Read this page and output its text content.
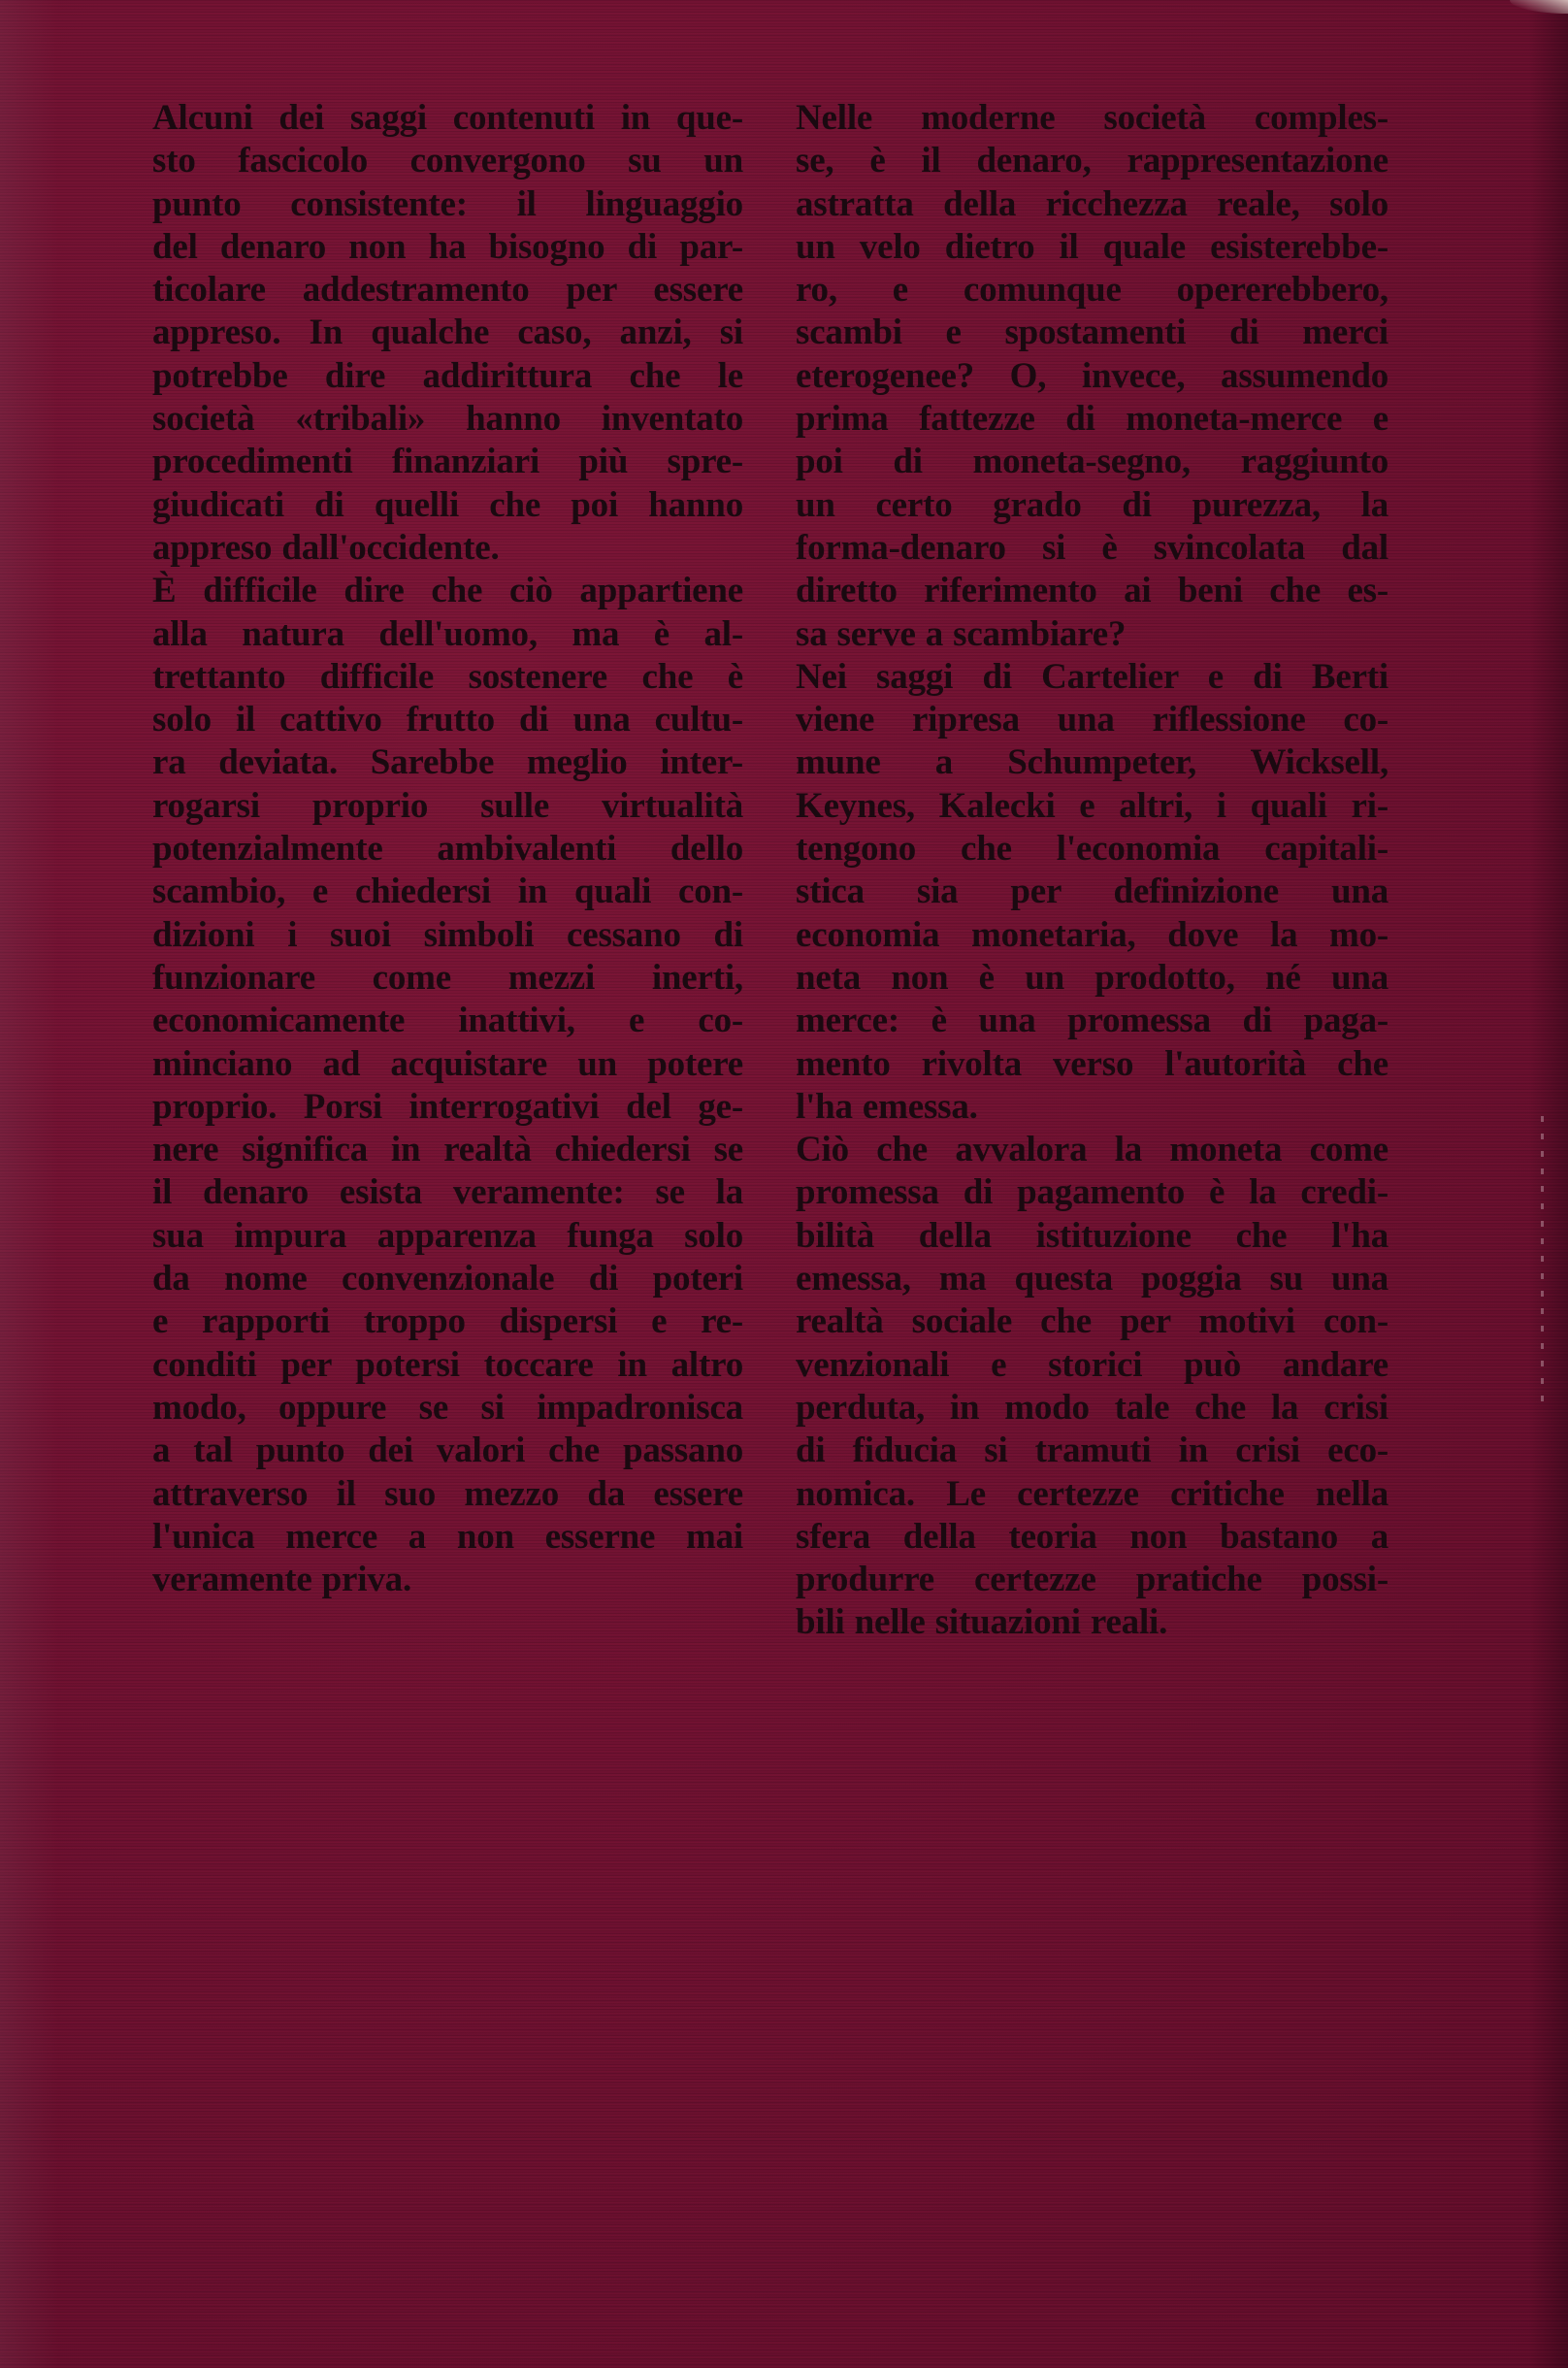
Alcuni dei saggi contenuti in que-
sto fascicolo convergono su un
punto consistente: il linguaggio
del denaro non ha bisogno di par-
ticolare addestramento per essere
appreso. In qualche caso, anzi, si
potrebbe dire addirittura che le
società «tribali» hanno inventato
procedimenti finanziari più spre-
giudicati di quelli che poi hanno
appreso dall'occidente.
È difficile dire che ciò appartiene
alla natura dell'uomo, ma è al-
trettanto difficile sostenere che è
solo il cattivo frutto di una cultu-
ra deviata. Sarebbe meglio inter-
rogarsi proprio sulle virtualità
potenzialmente ambivalenti dello
scambio, e chiedersi in quali con-
dizioni i suoi simboli cessano di
funzionare come mezzi inerti,
economicamente inattivi, e co-
minciano ad acquistare un potere
proprio. Porsi interrogativi del ge-
nere significa in realtà chiedersi se
il denaro esista veramente: se la
sua impura apparenza funga solo
da nome convenzionale di poteri
e rapporti troppo dispersi e re-
conditi per potersi toccare in altro
modo, oppure se si impadronisca
a tal punto dei valori che passano
attraverso il suo mezzo da essere
l'unica merce a non esserne mai
veramente priva.
Nelle moderne società comples-
se, è il denaro, rappresentazione
astratta della ricchezza reale, solo
un velo dietro il quale esisterebbe-
ro, e comunque opererebbero,
scambi e spostamenti di merci
eterogenee? O, invece, assumendo
prima fattezze di moneta-merce e
poi di moneta-segno, raggiunto
un certo grado di purezza, la
forma-denaro si è svincolata dal
diretto riferimento ai beni che es-
sa serve a scambiare?
Nei saggi di Cartelier e di Berti
viene ripresa una riflessione co-
mune a Schumpeter, Wicksell,
Keynes, Kalecki e altri, i quali ri-
tengono che l'economia capitali-
stica sia per definizione una
economia monetaria, dove la mo-
neta non è un prodotto, né una
merce: è una promessa di paga-
mento rivolta verso l'autorità che
l'ha emessa.
Ciò che avvalora la moneta come
promessa di pagamento è la credi-
bilità della istituzione che l'ha
emessa, ma questa poggia su una
realtà sociale che per motivi con-
venzionali e storici può andare
perduta, in modo tale che la crisi
di fiducia si tramuti in crisi eco-
nomica. Le certezze critiche nella
sfera della teoria non bastano a
produrre certezze pratiche possi-
bili nelle situazioni reali.
